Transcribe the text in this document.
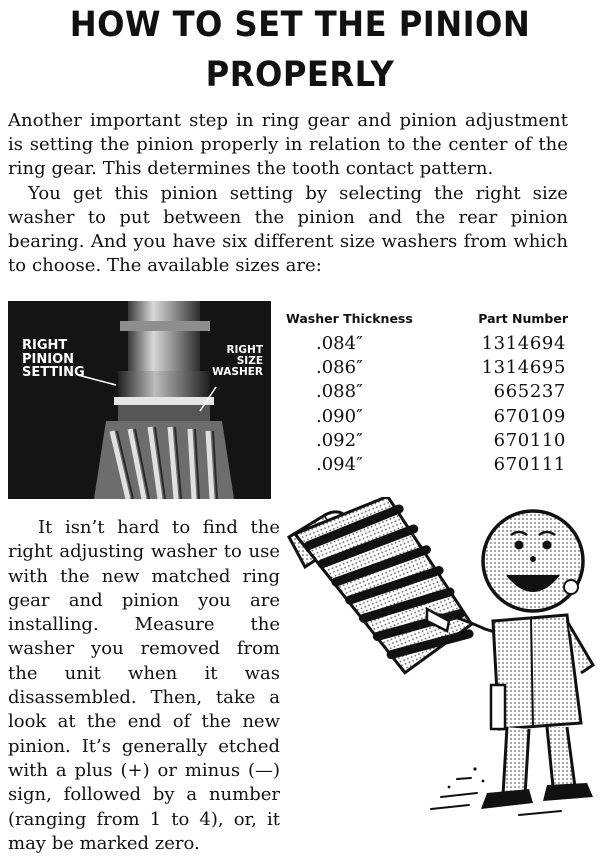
HOW TO SET THE PINION
PROPERLY

Another important step in ring gear and pinion adjustment is setting the pinion properly in relation to the center of the ring gear. This determines the tooth contact pattern.

You get this pinion setting by selecting the right size washer to put between the pinion and the rear pinion bearing. And you have six different size washers from which to choose. The available sizes are:

RIGHT PINION SETTING
RIGHT SIZE WASHER
Washer Thickness	Part Number
.084″	1314694
.086″	1314695
.088″	665237
.090″	670109
.092″	670110
.094″	670111

It isn’t hard to find the right adjusting washer to use with the new matched ring gear and pinion you are installing. Measure the washer you removed from the unit when it was disassembled. Then, take a look at the end of the new pinion. It’s generally etched with a plus (+) or minus (—) sign, followed by a number (ranging from 1 to 4), or, it may be marked zero.
